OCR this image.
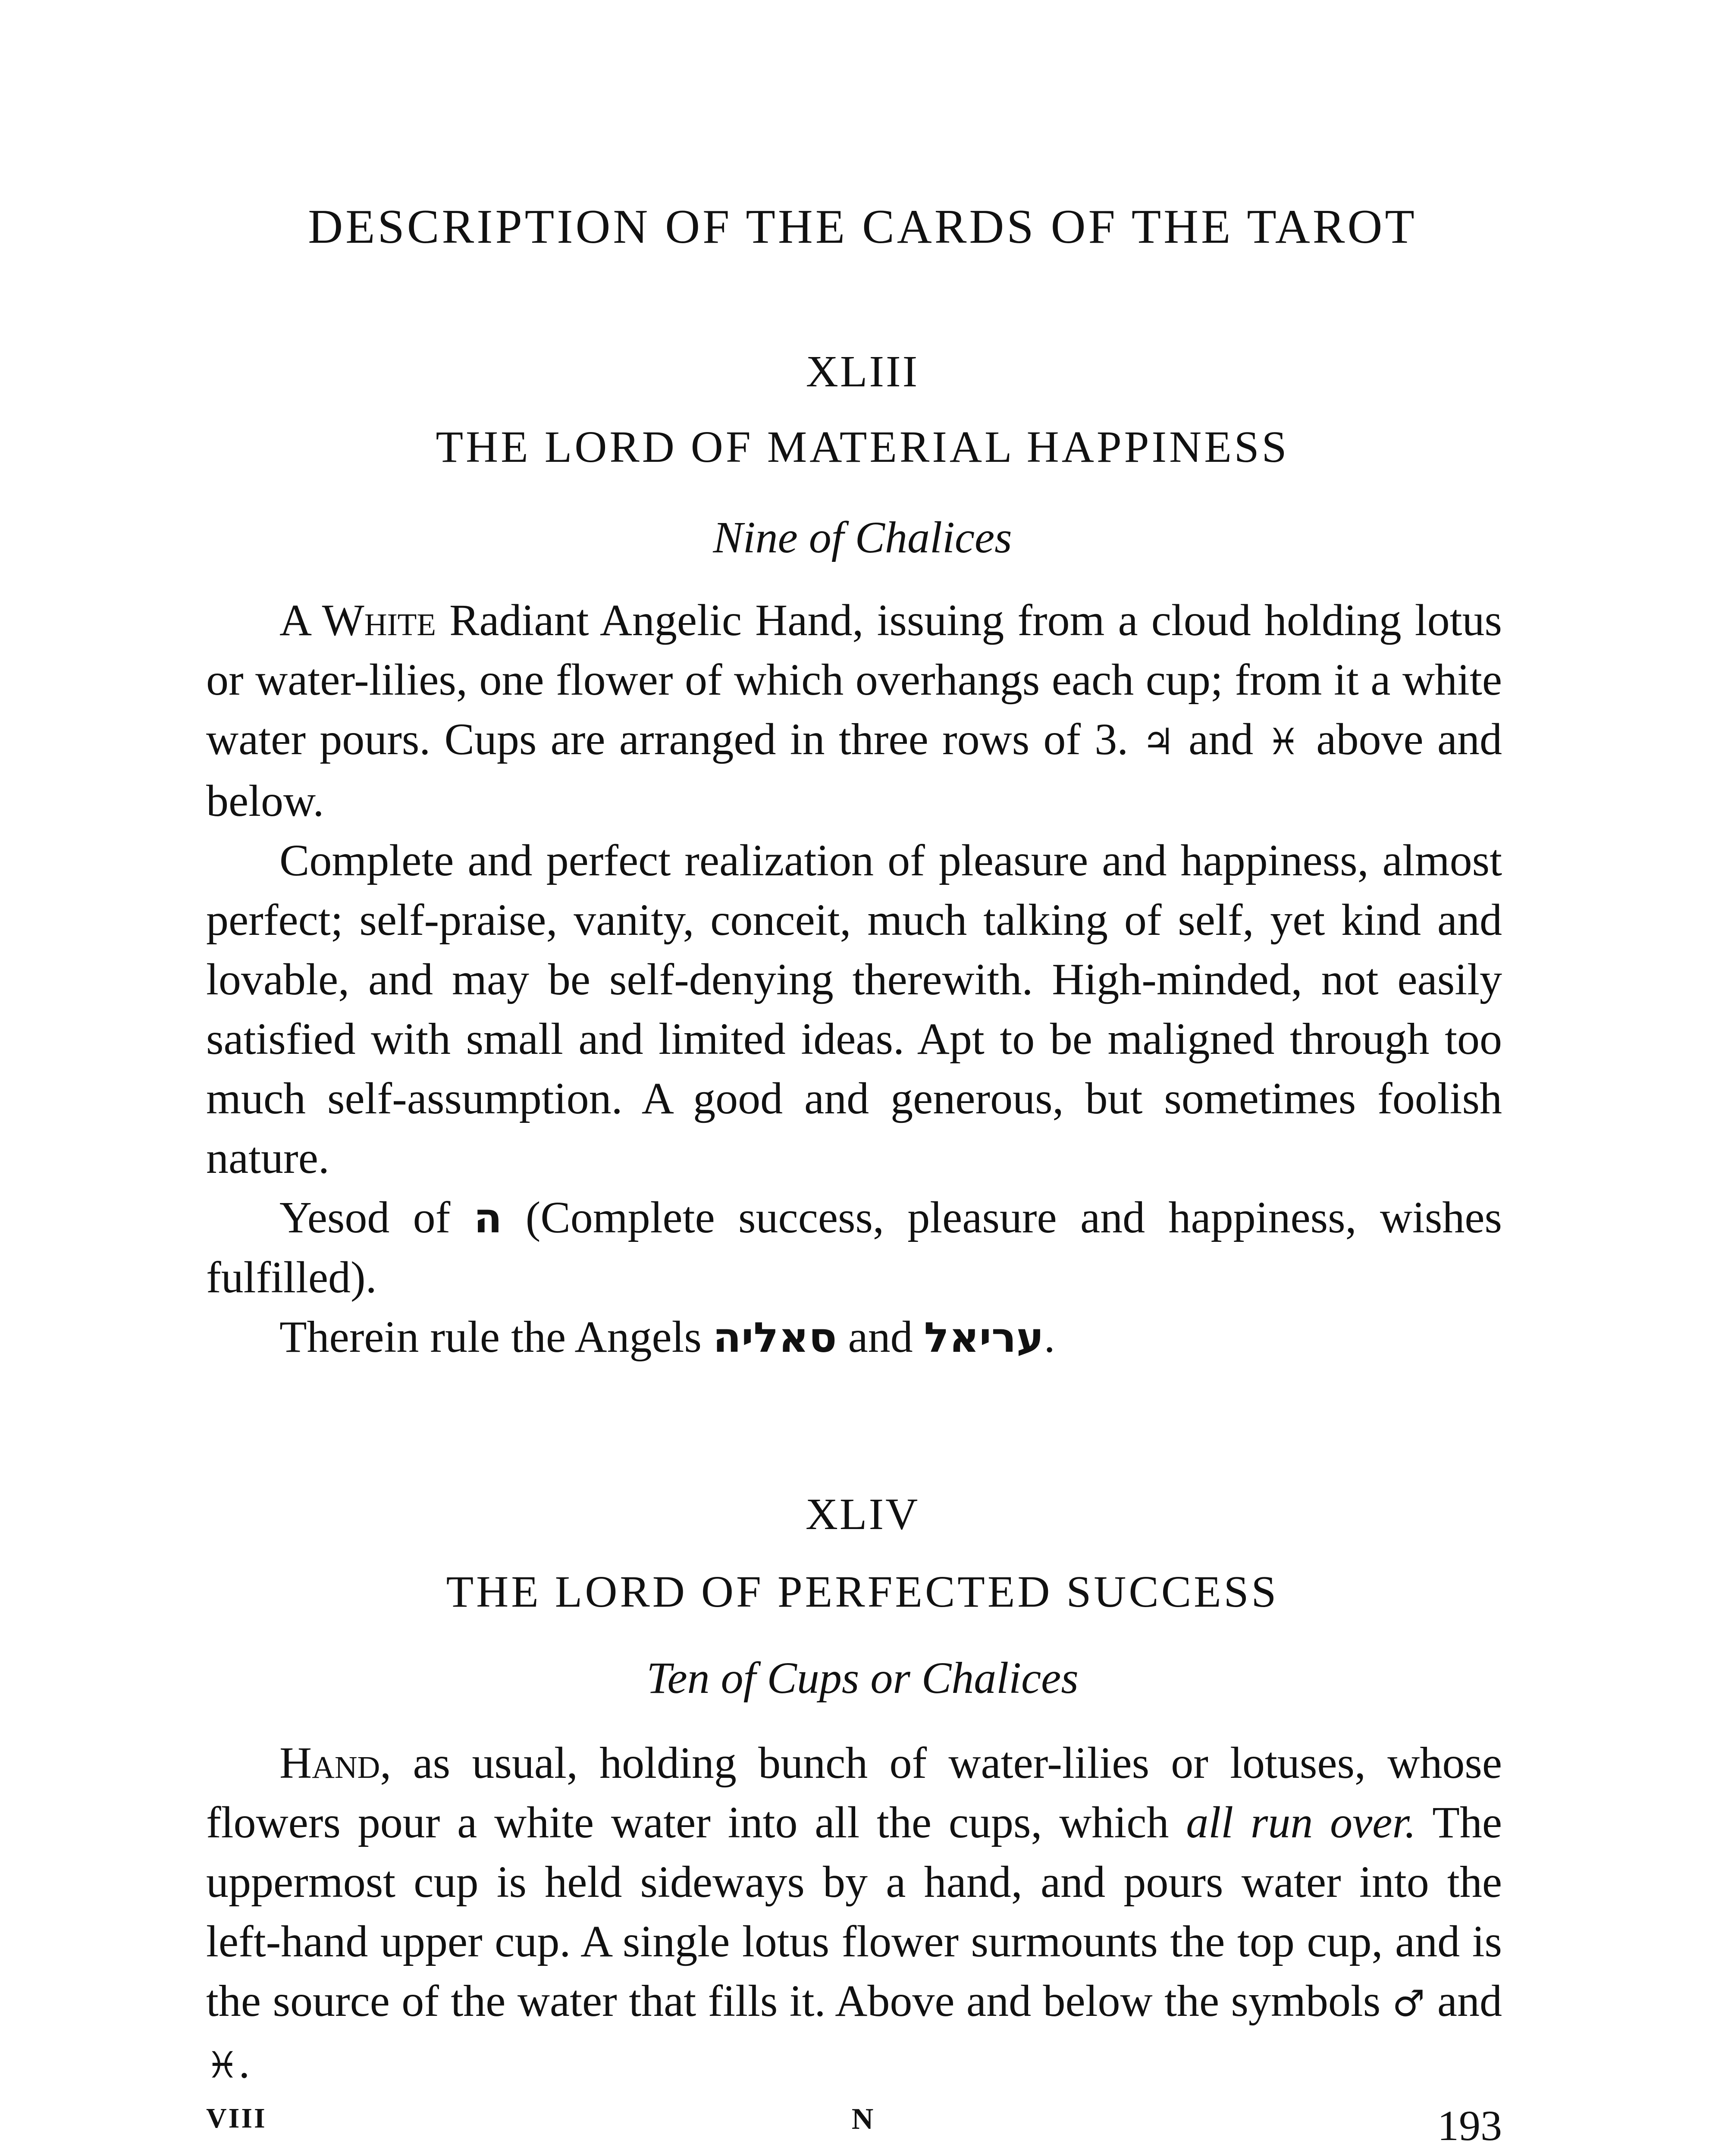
DESCRIPTION OF THE CARDS OF THE TAROT
XLIII
THE LORD OF MATERIAL HAPPINESS
Nine of Chalices

A White Radiant Angelic Hand, issuing from a cloud holding lotus or water-lilies, one flower of which overhangs each cup; from it a white water pours. Cups are arranged in three rows of 3. ♃ and ♓ above and below.

Complete and perfect realization of pleasure and happiness, almost perfect; self-praise, vanity, conceit, much talking of self, yet kind and lovable, and may be self-denying therewith. High-minded, not easily satisfied with small and limited ideas. Apt to be maligned through too much self-assumption. A good and generous, but sometimes foolish nature.

Yesod of ה (Complete success, pleasure and happiness, wishes fulfilled).

Therein rule the Angels סאליה and עריאל.

XLIV
THE LORD OF PERFECTED SUCCESS
Ten of Cups or Chalices

Hand, as usual, holding bunch of water-lilies or lotuses, whose flowers pour a white water into all the cups, which all run over. The uppermost cup is held sideways by a hand, and pours water into the left-hand upper cup. A single lotus flower surmounts the top cup, and is the source of the water that fills it. Above and below the symbols ♂ and ♓.

VIII	N	193
